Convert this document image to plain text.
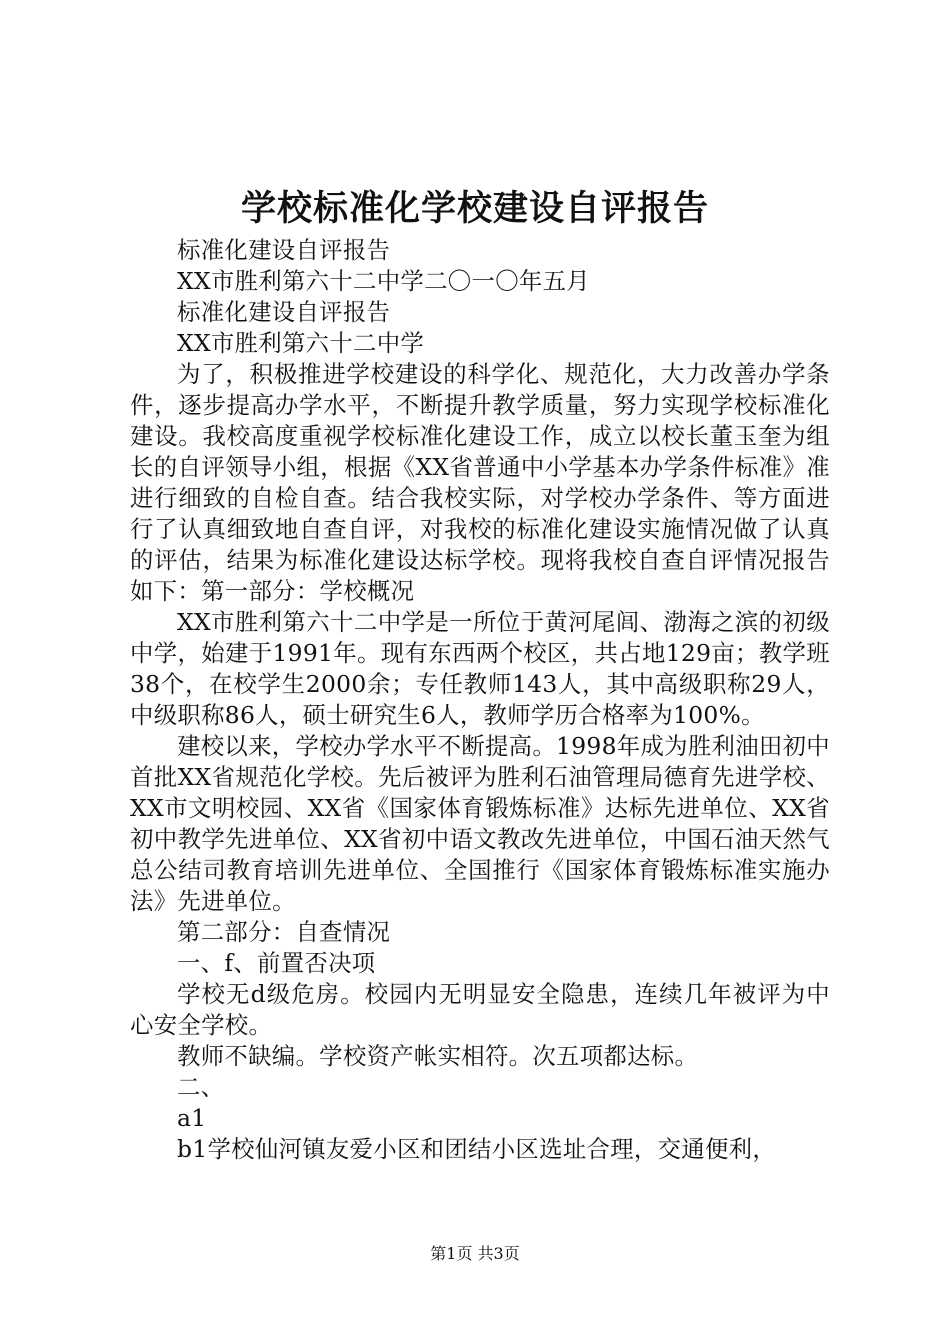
学校标准化学校建设自评报告

标准化建设自评报告

XX市胜利第六十二中学二〇一〇年五月

标准化建设自评报告

XX市胜利第六十二中学

为了，积极推进学校建设的科学化、规范化，大力改善办学条件，逐步提高办学水平，不断提升教学质量，努力实现学校标准化建设。我校高度重视学校标准化建设工作，成立以校长董玉奎为组长的自评领导小组，根据《XX省普通中小学基本办学条件标准》准进行细致的自检自查。结合我校实际，对学校办学条件、等方面进行了认真细致地自查自评，对我校的标准化建设实施情况做了认真的评估，结果为标准化建设达标学校。现将我校自查自评情况报告如下：第一部分：学校概况

XX市胜利第六十二中学是一所位于黄河尾闾、渤海之滨的初级中学，始建于1991年。现有东西两个校区，共占地129亩；教学班38个，在校学生2000余；专任教师143人，其中高级职称29人，中级职称86人，硕士研究生6人，教师学历合格率为100%。

建校以来，学校办学水平不断提高。1998年成为胜利油田初中首批XX省规范化学校。先后被评为胜利石油管理局德育先进学校、XX市文明校园、XX省《国家体育锻炼标准》达标先进单位、XX省初中教学先进单位、XX省初中语文教改先进单位，中国石油天然气总公结司教育培训先进单位、全国推行《国家体育锻炼标准实施办法》先进单位。

第二部分：自查情况

一、f、前置否决项

学校无d级危房。校园内无明显安全隐患，连续几年被评为中心安全学校。

教师不缺编。学校资产帐实相符。次五项都达标。

二、

a1

b1学校仙河镇友爱小区和团结小区选址合理，交通便利，

第1页 共3页
